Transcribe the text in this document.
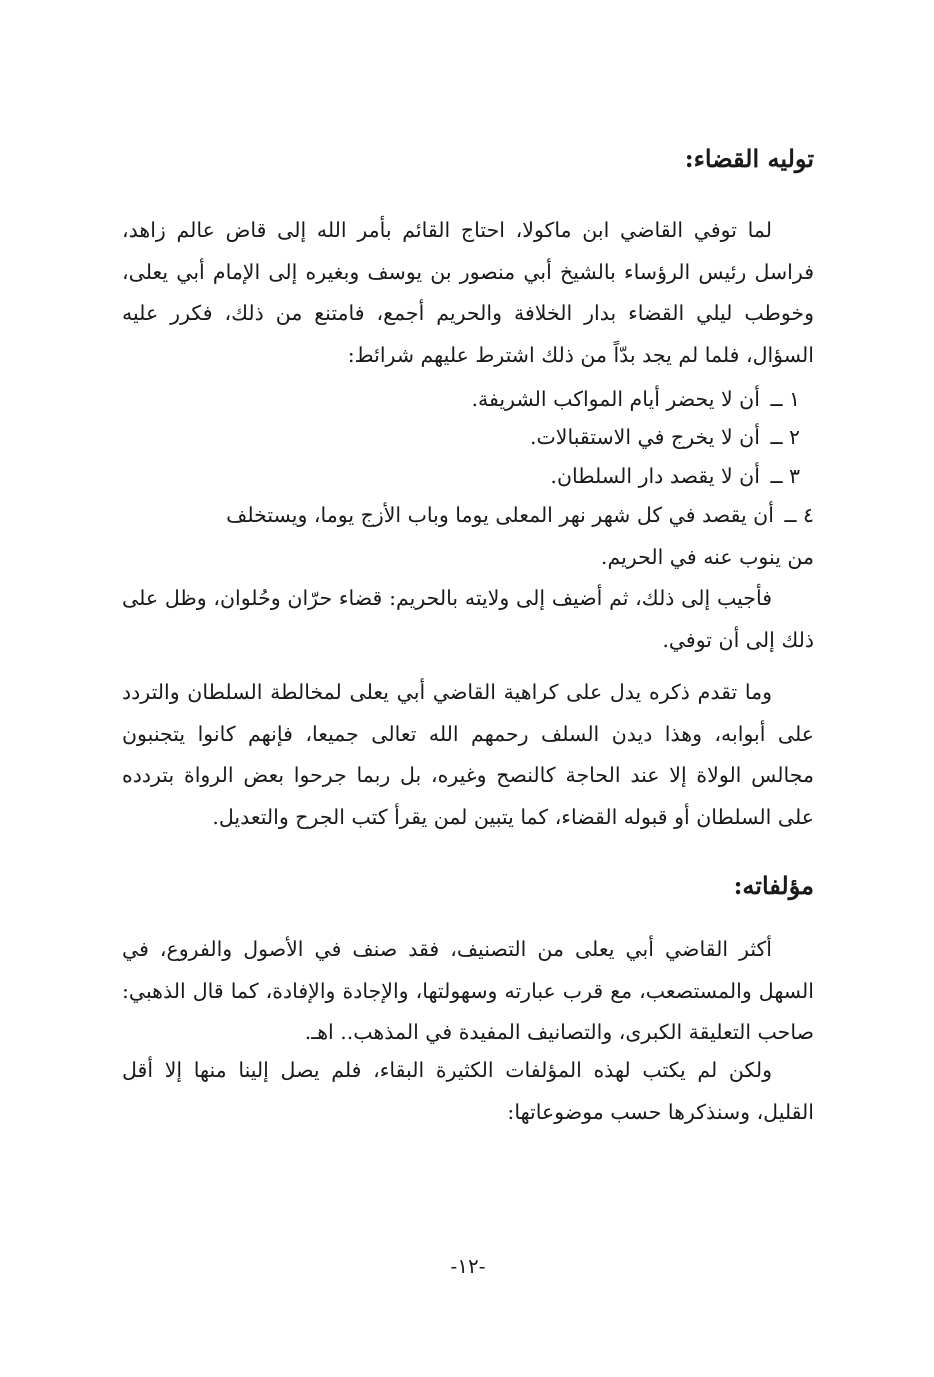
توليه القضاء:

لما توفي القاضي ابن ماكولا، احتاج القائم بأمر الله إلى قاض عالم زاهد، فراسل رئيس الرؤساء بالشيخ أبي منصور بن يوسف وبغيره إلى الإمام أبي يعلى، وخوطب ليلي القضاء بدار الخلافة والحريم أجمع، فامتنع من ذلك، فكرر عليه السؤال، فلما لم يجد بدّاً من ذلك اشترط عليهم شرائط:

١ ــ أن لا يحضر أيام المواكب الشريفة.

٢ ــ أن لا يخرج في الاستقبالات.

٣ ــ أن لا يقصد دار السلطان.

٤ ــ أن يقصد في كل شهر نهر المعلى يوما وباب الأزج يوما، ويستخلف

من ينوب عنه في الحريم.

فأجيب إلى ذلك، ثم أضيف إلى ولايته بالحريم: قضاء حرّان وحُلوان، وظل على ذلك إلى أن توفي.

وما تقدم ذكره يدل على كراهية القاضي أبي يعلى لمخالطة السلطان والتردد على أبوابه، وهذا ديدن السلف رحمهم الله تعالى جميعا، فإنهم كانوا يتجنبون مجالس الولاة إلا عند الحاجة كالنصح وغيره، بل ربما جرحوا بعض الرواة بتردده على السلطان أو قبوله القضاء، كما يتبين لمن يقرأ كتب الجرح والتعديل.

مؤلفاته:

أكثر القاضي أبي يعلى من التصنيف، فقد صنف في الأصول والفروع، في السهل والمستصعب، مع قرب عبارته وسهولتها، والإجادة والإفادة، كما قال الذهبي: صاحب التعليقة الكبرى، والتصانيف المفيدة في المذهب.. اهـ.

ولكن لم يكتب لهذه المؤلفات الكثيرة البقاء، فلم يصل إلينا منها إلا أقل القليل، وسنذكرها حسب موضوعاتها:

-١٢-
